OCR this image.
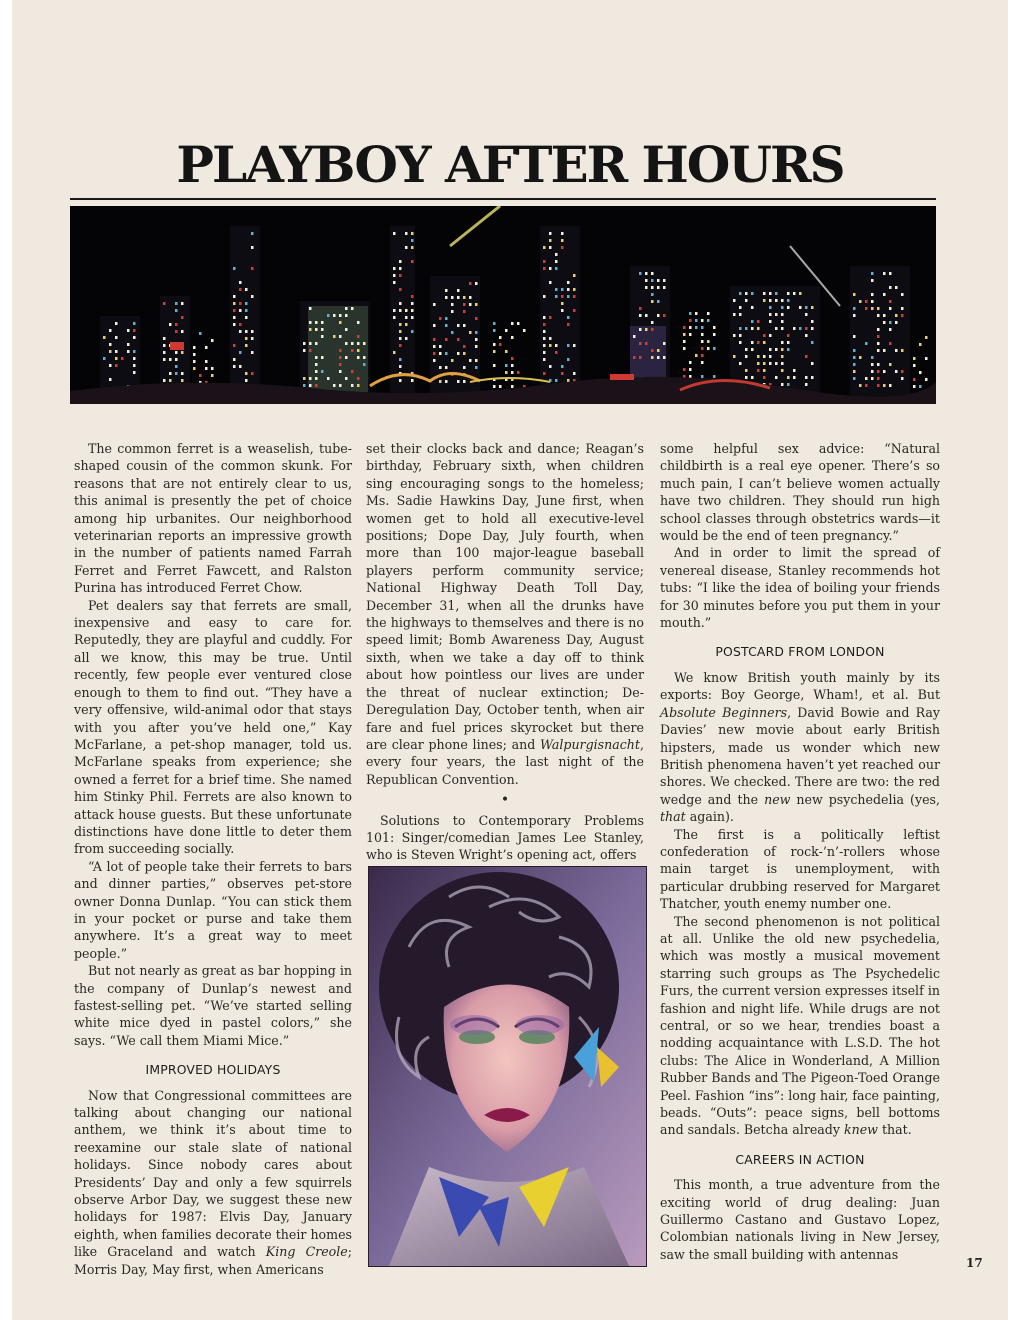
PLAYBOY AFTER HOURS

The common ferret is a weaselish, tube-shaped cousin of the common skunk. For reasons that are not entirely clear to us, this animal is presently the pet of choice among hip urbanites. Our neighborhood veterinarian reports an impressive growth in the number of patients named Farrah Ferret and Ferret Fawcett, and Ralston Purina has introduced Ferret Chow.

Pet dealers say that ferrets are small, inexpensive and easy to care for. Reputedly, they are playful and cuddly. For all we know, this may be true. Until recently, few people ever ventured close enough to them to find out. “They have a very offensive, wild-animal odor that stays with you after you’ve held one,” Kay McFarlane, a pet-shop manager, told us. McFarlane speaks from experience; she owned a ferret for a brief time. She named him Stinky Phil. Ferrets are also known to attack house guests. But these unfortunate distinctions have done little to deter them from succeeding socially.

“A lot of people take their ferrets to bars and dinner parties,” observes pet-store owner Donna Dunlap. “You can stick them in your pocket or purse and take them anywhere. It’s a great way to meet people.”

But not nearly as great as bar hopping in the company of Dunlap’s newest and fastest-selling pet. “We’ve started selling white mice dyed in pastel colors,” she says. “We call them Miami Mice.”

IMPROVED HOLIDAYS

Now that Congressional committees are talking about changing our national anthem, we think it’s about time to reexamine our stale slate of national holidays. Since nobody cares about Presidents’ Day and only a few squirrels observe Arbor Day, we suggest these new holidays for 1987: Elvis Day, January eighth, when families decorate their homes like Graceland and watch King Creole; Morris Day, May first, when Americans

set their clocks back and dance; Reagan’s birthday, February sixth, when children sing encouraging songs to the homeless; Ms. Sadie Hawkins Day, June first, when women get to hold all executive-level positions; Dope Day, July fourth, when more than 100 major-league baseball players perform community service; National Highway Death Toll Day, December 31, when all the drunks have the highways to themselves and there is no speed limit; Bomb Awareness Day, August sixth, when we take a day off to think about how pointless our lives are under the threat of nuclear extinction; De-Deregulation Day, October tenth, when air fare and fuel prices skyrocket but there are clear phone lines; and Walpurgisnacht, every four years, the last night of the Republican Convention.

•

Solutions to Contemporary Problems 101: Singer/comedian James Lee Stanley, who is Steven Wright’s opening act, offers

some helpful sex advice: “Natural childbirth is a real eye opener. There’s so much pain, I can’t believe women actually have two children. They should run high school classes through obstetrics wards—it would be the end of teen pregnancy.”

And in order to limit the spread of venereal disease, Stanley recommends hot tubs: “I like the idea of boiling your friends for 30 minutes before you put them in your mouth.”

POSTCARD FROM LONDON

We know British youth mainly by its exports: Boy George, Wham!, et al. But Absolute Beginners, David Bowie and Ray Davies’ new movie about early British hipsters, made us wonder which new British phenomena haven’t yet reached our shores. We checked. There are two: the red wedge and the new new psychedelia (yes, that again).

The first is a politically leftist confederation of rock-’n’-rollers whose main target is unemployment, with particular drubbing reserved for Margaret Thatcher, youth enemy number one.

The second phenomenon is not political at all. Unlike the old new psychedelia, which was mostly a musical movement starring such groups as The Psychedelic Furs, the current version expresses itself in fashion and night life. While drugs are not central, or so we hear, trendies boast a nodding acquaintance with L.S.D. The hot clubs: The Alice in Wonderland, A Million Rubber Bands and The Pigeon-Toed Orange Peel. Fashion “ins”: long hair, face painting, beads. “Outs”: peace signs, bell bottoms and sandals. Betcha already knew that.

CAREERS IN ACTION

This month, a true adventure from the exciting world of drug dealing: Juan Guillermo Castano and Gustavo Lopez, Colombian nationals living in New Jersey, saw the small building with antennas

17
